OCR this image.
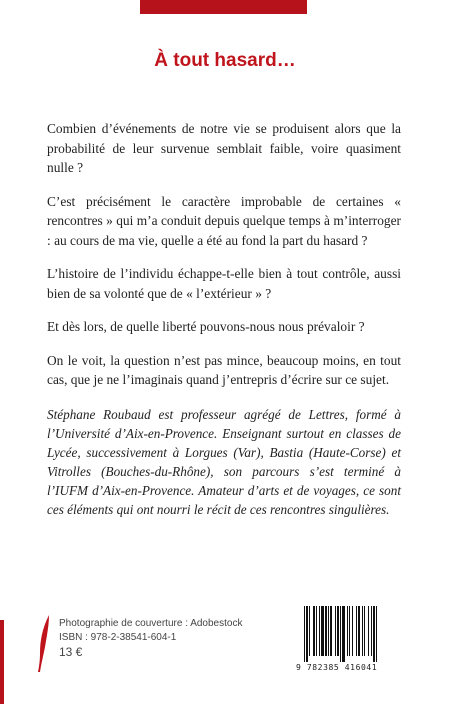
À tout hasard…

Combien d’événements de notre vie se produisent alors que la probabilité de leur survenue semblait faible, voire quasiment nulle ?

C’est précisément le caractère improbable de certaines « rencontres » qui m’a conduit depuis quelque temps à m’interroger : au cours de ma vie, quelle a été au fond la part du hasard ?

L’histoire de l’individu échappe-t-elle bien à tout contrôle, aussi bien de sa volonté que de « l’extérieur » ?

Et dès lors, de quelle liberté pouvons-nous nous prévaloir ?

On le voit, la question n’est pas mince, beaucoup moins, en tout cas, que je ne l’imaginais quand j’entrepris d’écrire sur ce sujet.

Stéphane Roubaud est professeur agrégé de Lettres, formé à l’Université d’Aix-en-Provence. Enseignant surtout en classes de Lycée, successivement à Lorgues (Var), Bastia (Haute-Corse) et Vitrolles (Bouches-du-Rhône), son parcours s’est terminé à l’IUFM d’Aix-en-Provence. Amateur d’arts et de voyages, ce sont ces éléments qui ont nourri le récit de ces rencontres singulières.

Photographie de couverture : Adobestock
ISBN : 978-2-38541-604-1
13 €
9 782385 416041
